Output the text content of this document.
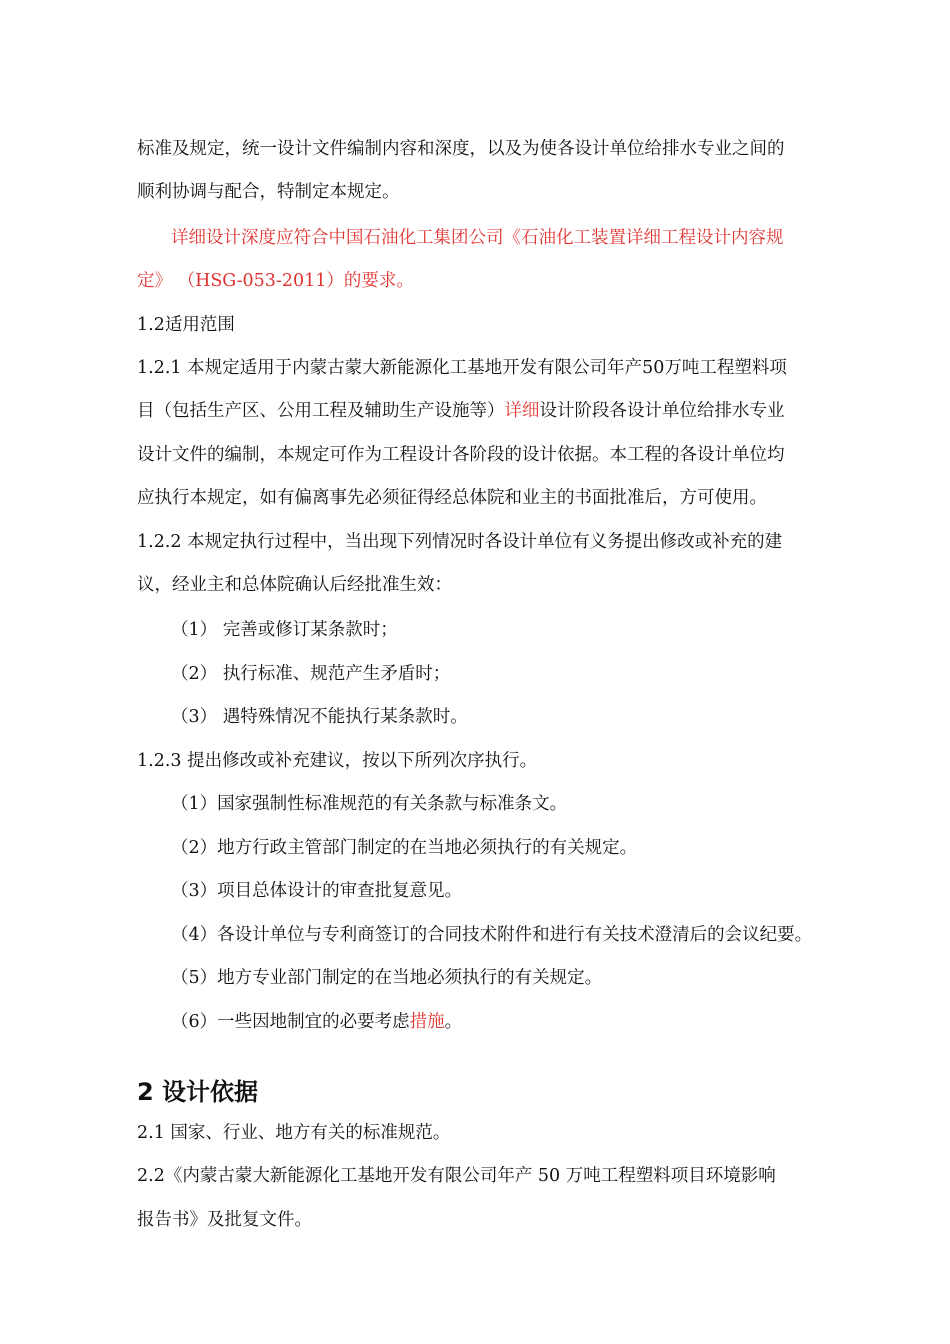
标准及规定，统一设计文件编制内容和深度，以及为使各设计单位给排水专业之间的
顺利协调与配合，特制定本规定。
详细设计深度应符合中国石油化工集团公司《石油化工装置详细工程设计内容规
定》 （HSG-053-2011）的要求。
1.2适用范围
1.2.1 本规定适用于内蒙古蒙大新能源化工基地开发有限公司年产50万吨工程塑料项
目（包括生产区、公用工程及辅助生产设施等）详细设计阶段各设计单位给排水专业
设计文件的编制，本规定可作为工程设计各阶段的设计依据。本工程的各设计单位均
应执行本规定，如有偏离事先必须征得经总体院和业主的书面批准后，方可使用。
1.2.2 本规定执行过程中，当出现下列情况时各设计单位有义务提出修改或补充的建
议，经业主和总体院确认后经批准生效：
（1） 完善或修订某条款时；
（2） 执行标准、规范产生矛盾时；
（3） 遇特殊情况不能执行某条款时。
1.2.3 提出修改或补充建议，按以下所列次序执行。
（1）国家强制性标准规范的有关条款与标准条文。
（2）地方行政主管部门制定的在当地必须执行的有关规定。
（3）项目总体设计的审查批复意见。
（4）各设计单位与专利商签订的合同技术附件和进行有关技术澄清后的会议纪要。
（5）地方专业部门制定的在当地必须执行的有关规定。
（6）一些因地制宜的必要考虑措施。
2 设计依据
2.1 国家、行业、地方有关的标准规范。
2.2《内蒙古蒙大新能源化工基地开发有限公司年产 50 万吨工程塑料项目环境影响
报告书》及批复文件。
